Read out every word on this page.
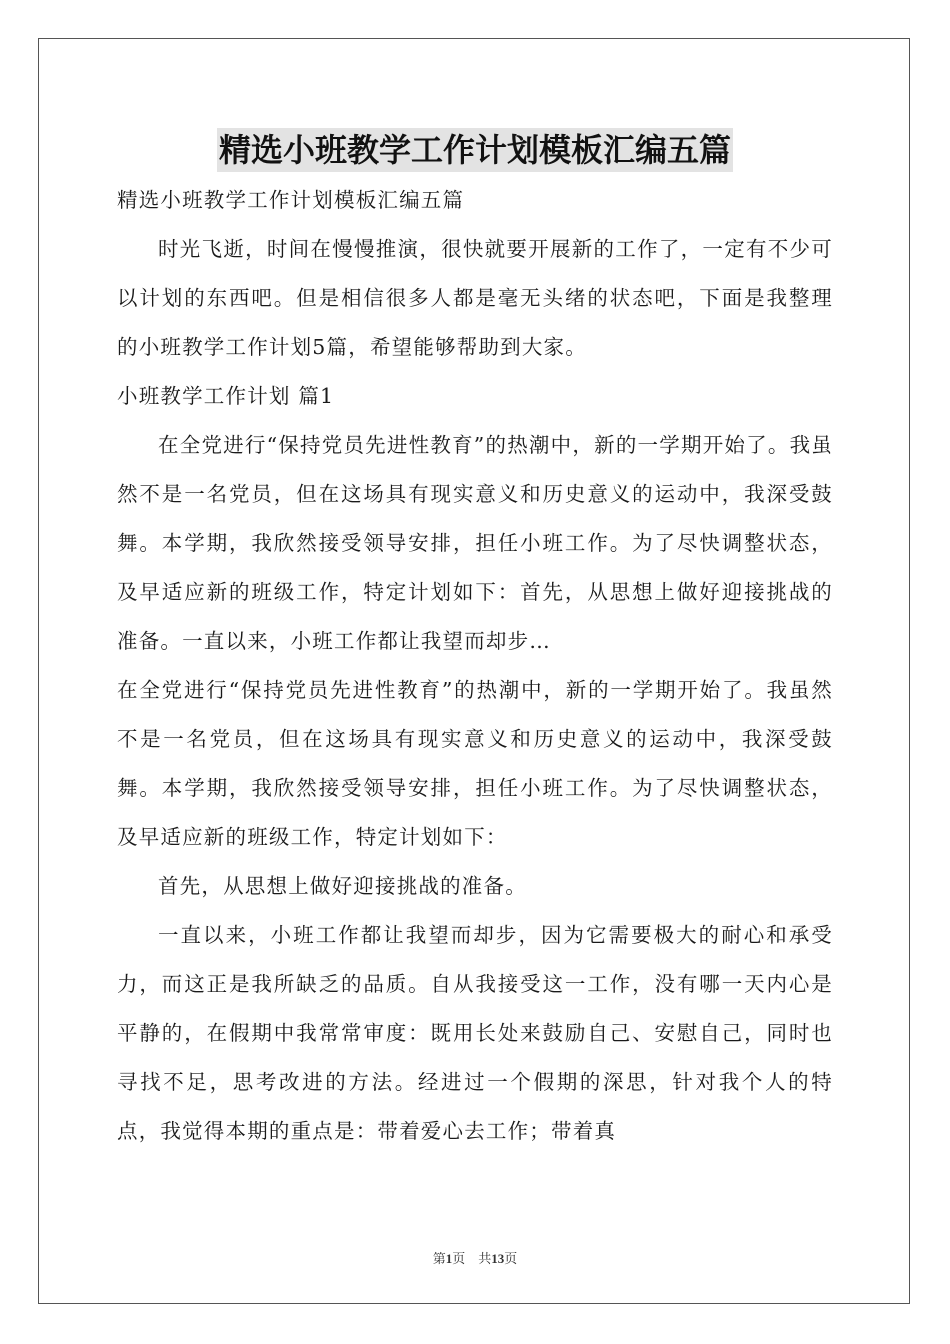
精选小班教学工作计划模板汇编五篇

精选小班教学工作计划模板汇编五篇

时光飞逝，时间在慢慢推演，很快就要开展新的工作了，一定有不少可以计划的东西吧。但是相信很多人都是毫无头绪的状态吧，下面是我整理的小班教学工作计划5篇，希望能够帮助到大家。

小班教学工作计划 篇1

在全党进行“保持党员先进性教育”的热潮中，新的一学期开始了。我虽然不是一名党员，但在这场具有现实意义和历史意义的运动中，我深受鼓舞。本学期，我欣然接受领导安排，担任小班工作。为了尽快调整状态，及早适应新的班级工作，特定计划如下：首先，从思想上做好迎接挑战的准备。一直以来，小班工作都让我望而却步…

在全党进行“保持党员先进性教育”的热潮中，新的一学期开始了。我虽然不是一名党员，但在这场具有现实意义和历史意义的运动中，我深受鼓舞。本学期，我欣然接受领导安排，担任小班工作。为了尽快调整状态，及早适应新的班级工作，特定计划如下：

首先，从思想上做好迎接挑战的准备。

一直以来，小班工作都让我望而却步，因为它需要极大的耐心和承受力，而这正是我所缺乏的品质。自从我接受这一工作，没有哪一天内心是平静的，在假期中我常常审度：既用长处来鼓励自己、安慰自己，同时也寻找不足，思考改进的方法。经进过一个假期的深思，针对我个人的特点，我觉得本期的重点是：带着爱心去工作；带着真

第1页　共13页
